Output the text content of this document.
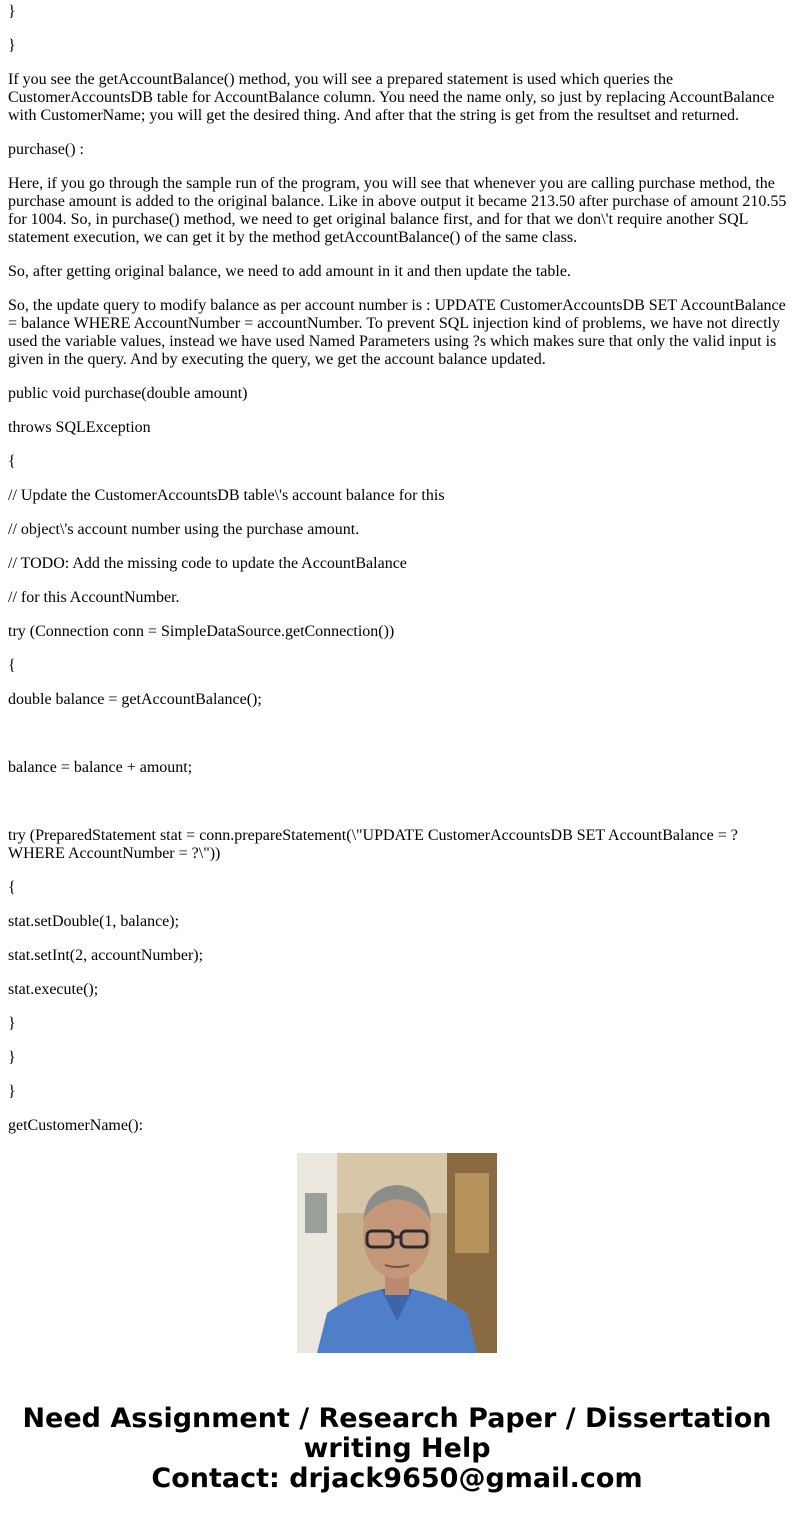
}

}

If you see the getAccountBalance() method, you will see a prepared statement is used which queries the CustomerAccountsDB table for AccountBalance column. You need the name only, so just by replacing AccountBalance with CustomerName; you will get the desired thing. And after that the string is get from the resultset and returned.

purchase() :

Here, if you go through the sample run of the program, you will see that whenever you are calling purchase method, the purchase amount is added to the original balance. Like in above output it became 213.50 after purchase of amount 210.55 for 1004. So, in purchase() method, we need to get original balance first, and for that we don\'t require another SQL statement execution, we can get it by the method getAccountBalance() of the same class.

So, after getting original balance, we need to add amount in it and then update the table.

So, the update query to modify balance as per account number is : UPDATE CustomerAccountsDB SET AccountBalance = balance WHERE AccountNumber = accountNumber. To prevent SQL injection kind of problems, we have not directly used the variable values, instead we have used Named Parameters using ?s which makes sure that only the valid input is given in the query. And by executing the query, we get the account balance updated.

public void purchase(double amount)

throws SQLException

{

// Update the CustomerAccountsDB table\'s account balance for this

// object\'s account number using the purchase amount.

// TODO: Add the missing code to update the AccountBalance

// for this AccountNumber.

try (Connection conn = SimpleDataSource.getConnection())

{

double balance = getAccountBalance();

balance = balance + amount;

try (PreparedStatement stat = conn.prepareStatement(\"UPDATE CustomerAccountsDB SET AccountBalance = ? WHERE AccountNumber = ?\"))

{

stat.setDouble(1, balance);

stat.setInt(2, accountNumber);

stat.execute();

}

}

}

getCustomerName():

Need Assignment / Research Paper / Dissertation
writing Help
Contact: drjack9650@gmail.com
